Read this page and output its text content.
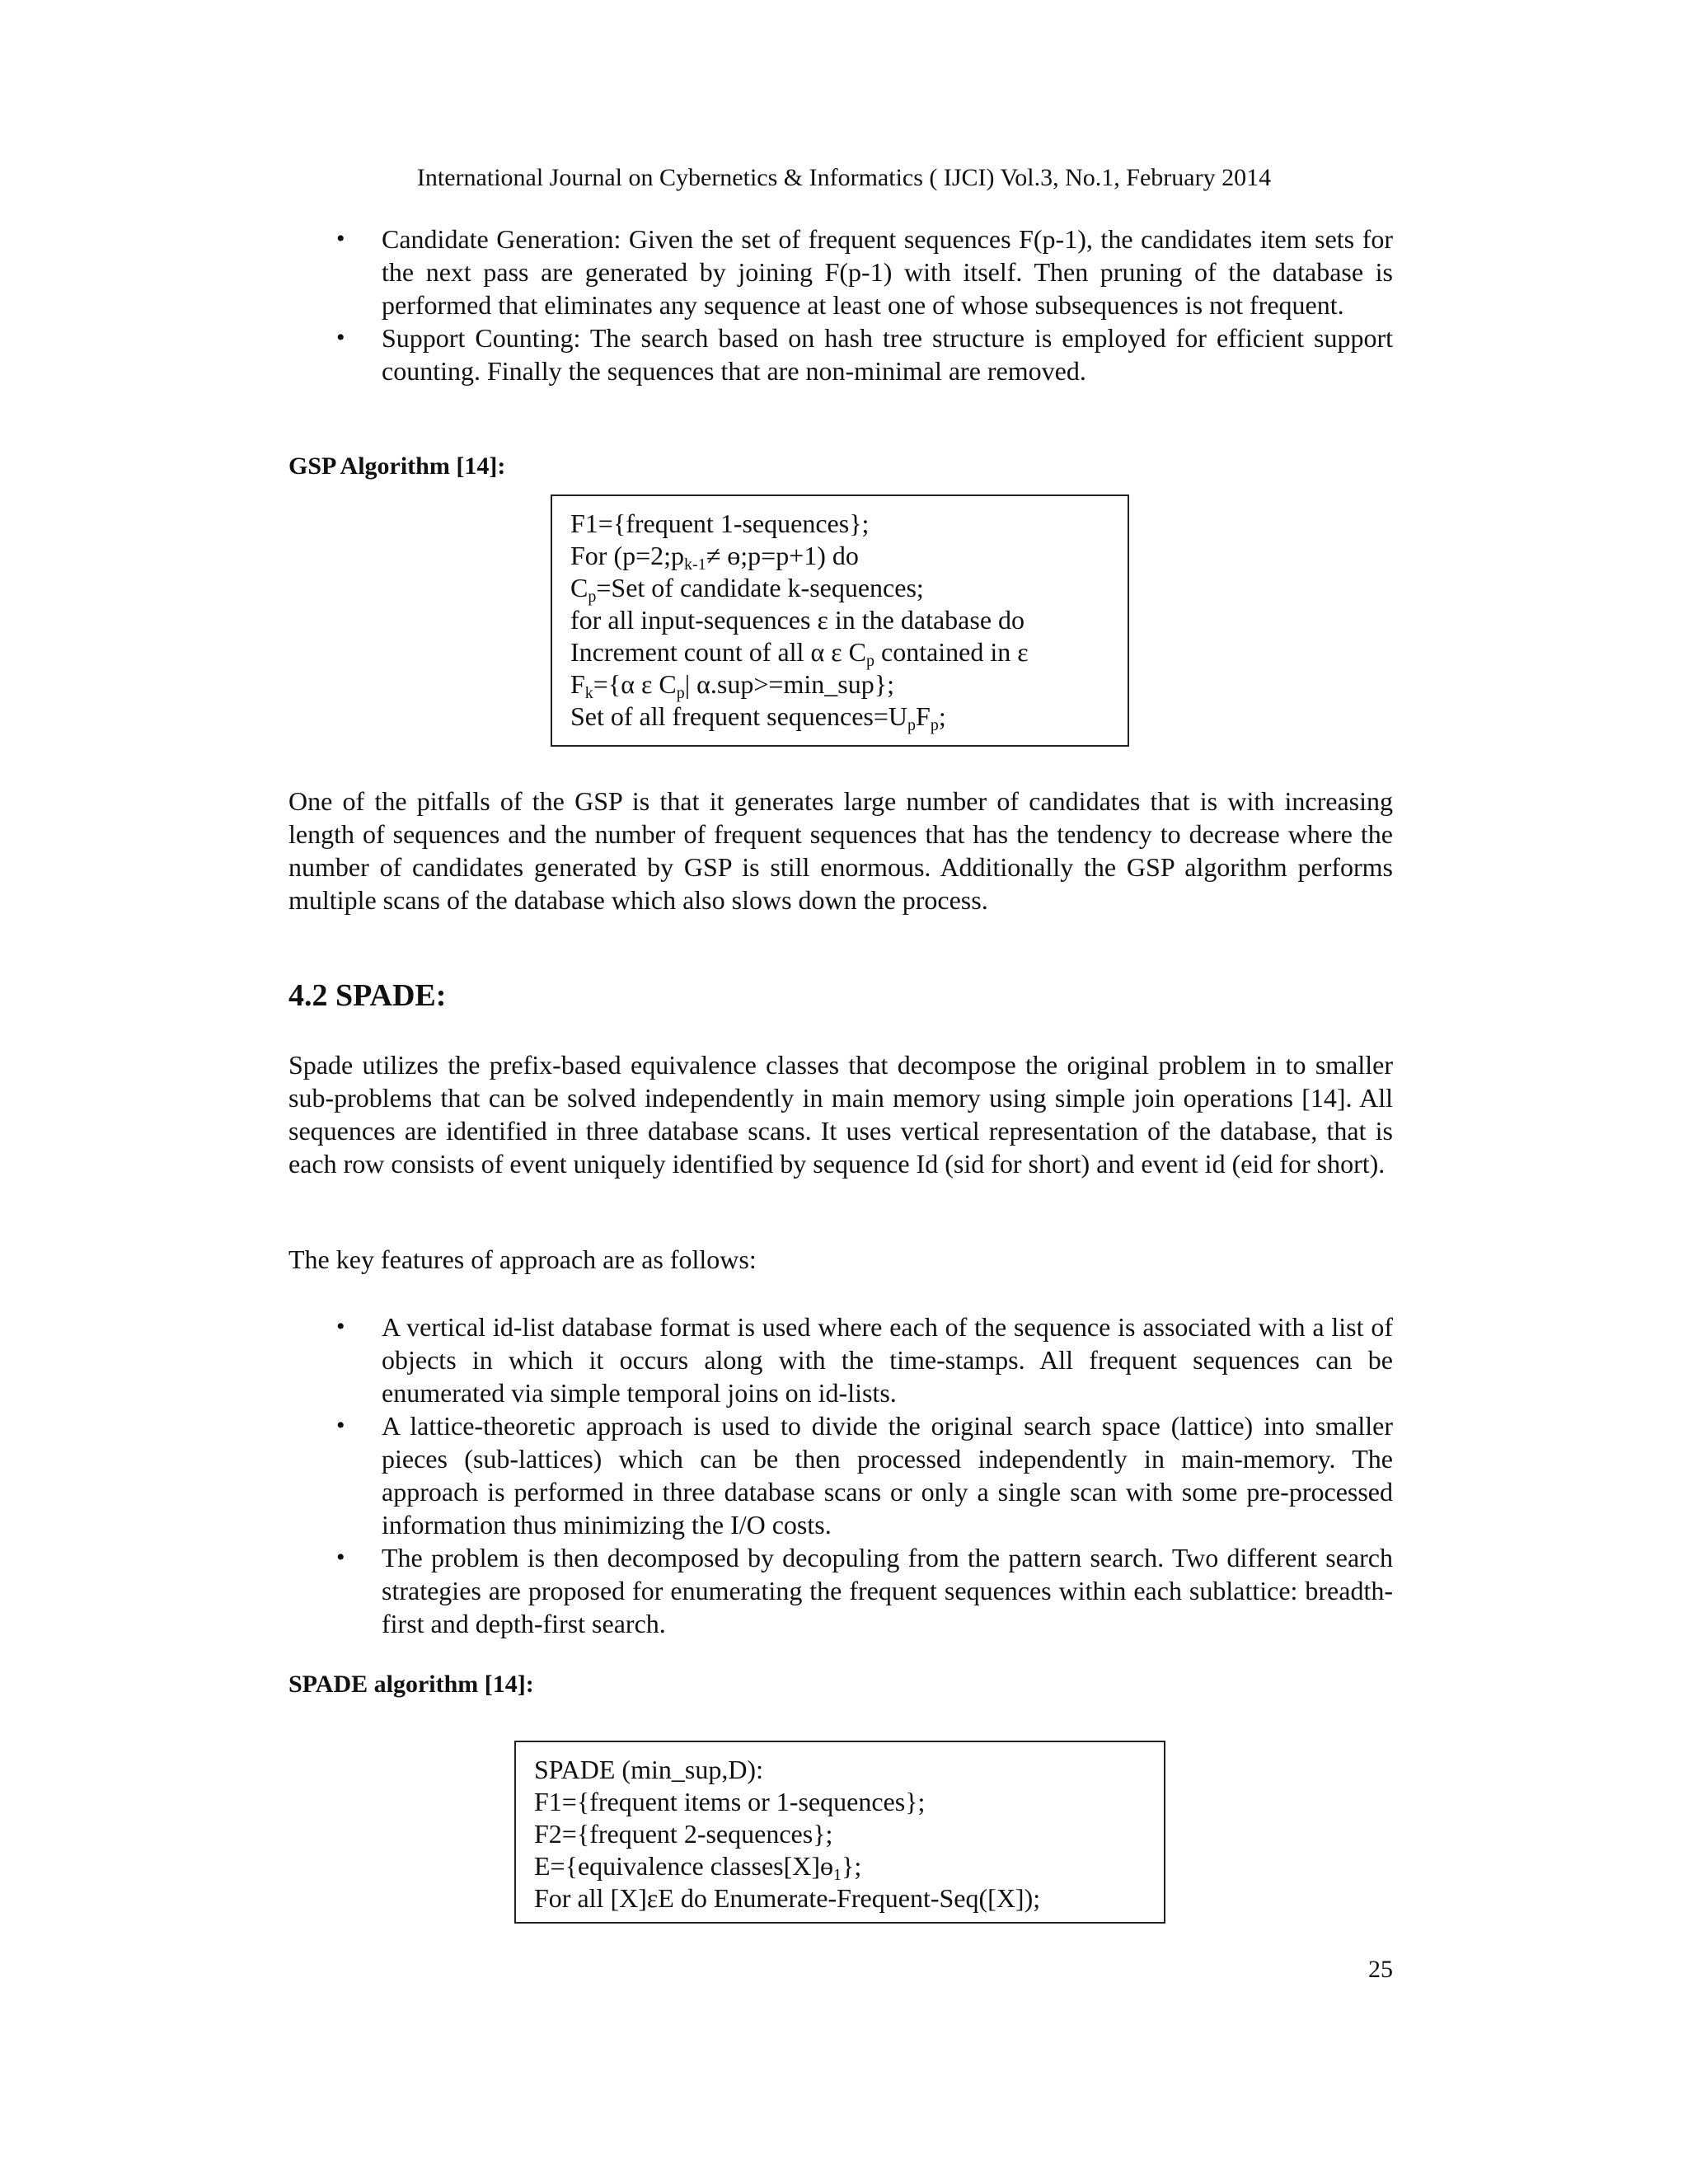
International Journal on Cybernetics & Informatics ( IJCI) Vol.3, No.1, February 2014
• Candidate Generation: Given the set of frequent sequences F(p-1), the candidates item sets for the next pass are generated by joining F(p-1) with itself. Then pruning of the database is performed that eliminates any sequence at least one of whose subsequences is not frequent.
• Support Counting: The search based on hash tree structure is employed for efficient support counting. Finally the sequences that are non-minimal are removed.
GSP Algorithm [14]:
F1={frequent 1-sequences};
For ($p=2;p_{k-1}\ne$ ɵ;p=p+1) do
$C_p=Set$ of candidate k-sequences;
for all input-sequences ε in the database do
Increment count of all α ε $C_p$ contained in ε
$F_k=\{\alpha$ ε $C_p|$ α.sup>=min_sup};
Set of all frequent $sequences=U_pF_p$;
One of the pitfalls of the GSP is that it generates large number of candidates that is with increasing length of sequences and the number of frequent sequences that has the tendency to decrease where the number of candidates generated by GSP is still enormous. Additionally the GSP algorithm performs multiple scans of the database which also slows down the process.
4.2 SPADE:
Spade utilizes the prefix-based equivalence classes that decompose the original problem in to smaller sub-problems that can be solved independently in main memory using simple join operations [14]. All sequences are identified in three database scans. It uses vertical representation of the database, that is each row consists of event uniquely identified by sequence Id (sid for short) and event id (eid for short).
The key features of approach are as follows:
• A vertical id-list database format is used where each of the sequence is associated with a list of objects in which it occurs along with the time-stamps. All frequent sequences can be enumerated via simple temporal joins on id-lists.
• A lattice-theoretic approach is used to divide the original search space (lattice) into smaller pieces (sub-lattices) which can be then processed independently in main-memory. The approach is performed in three database scans or only a single scan with some pre-processed information thus minimizing the I/O costs.
• The problem is then decomposed by decopuling from the pattern search. Two different search strategies are proposed for enumerating the frequent sequences within each sublattice: breadth-first and depth-first search.
SPADE algorithm [14]:
SPADE (min_sup,D):
F1={frequent items or 1-sequences};
F2={frequent 2-sequences};
E={equivalence classes[X]ɵ$_1$};
For all [X]εE do Enumerate-Frequent-Seq([X]);
25
